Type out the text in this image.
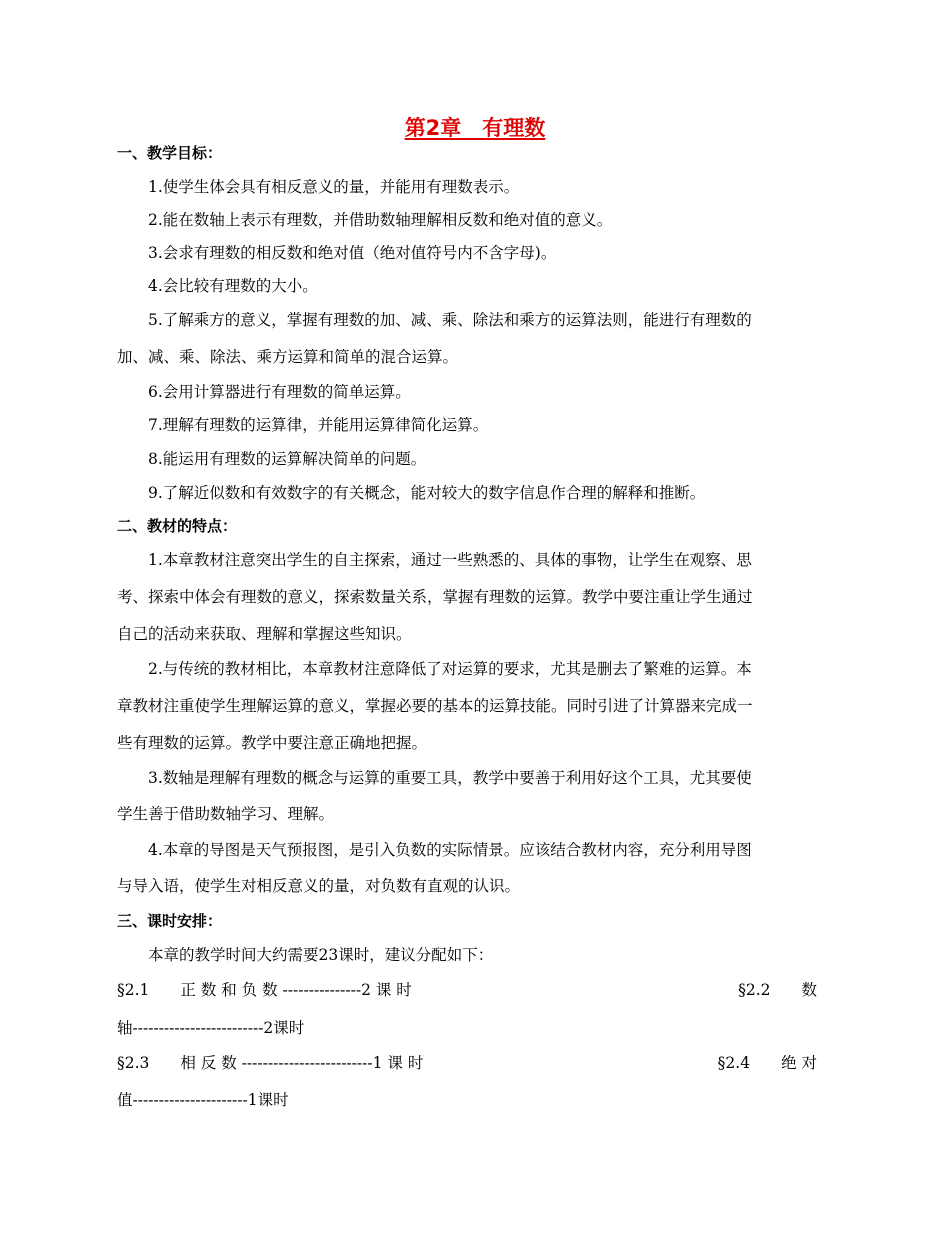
第2章　有理数
一、教学目标：
1.使学生体会具有相反意义的量，并能用有理数表示。
2.能在数轴上表示有理数，并借助数轴理解相反数和绝对值的意义。
3.会求有理数的相反数和绝对值（绝对值符号内不含字母)。
4.会比较有理数的大小。
5.了解乘方的意义，掌握有理数的加、减、乘、除法和乘方的运算法则，能进行有理数的
加、减、乘、除法、乘方运算和简单的混合运算。
6.会用计算器进行有理数的简单运算。
7.理解有理数的运算律，并能用运算律简化运算。
8.能运用有理数的运算解决简单的问题。
9.了解近似数和有效数字的有关概念，能对较大的数字信息作合理的解释和推断。
二、教材的特点：
1.本章教材注意突出学生的自主探索，通过一些熟悉的、具体的事物，让学生在观察、思
考、探索中体会有理数的意义，探索数量关系，掌握有理数的运算。教学中要注重让学生通过
自己的活动来获取、理解和掌握这些知识。
2.与传统的教材相比，本章教材注意降低了对运算的要求，尤其是删去了繁难的运算。本
章教材注重使学生理解运算的意义，掌握必要的基本的运算技能。同时引进了计算器来完成一
些有理数的运算。教学中要注意正确地把握。
3.数轴是理解有理数的概念与运算的重要工具，教学中要善于利用好这个工具，尤其要使
学生善于借助数轴学习、理解。
4.本章的导图是天气预报图，是引入负数的实际情景。应该结合教材内容，充分利用导图
与导入语，使学生对相反意义的量，对负数有直观的认识。
三、课时安排：
本章的教学时间大约需要23课时，建议分配如下：
§2.1　　正 数 和 负 数 ---------------2 课 时	§2.2　　数
轴-------------------------2课时
§2.3　　相 反 数 -------------------------1 课 时	§2.4　　绝 对
值----------------------1课时
